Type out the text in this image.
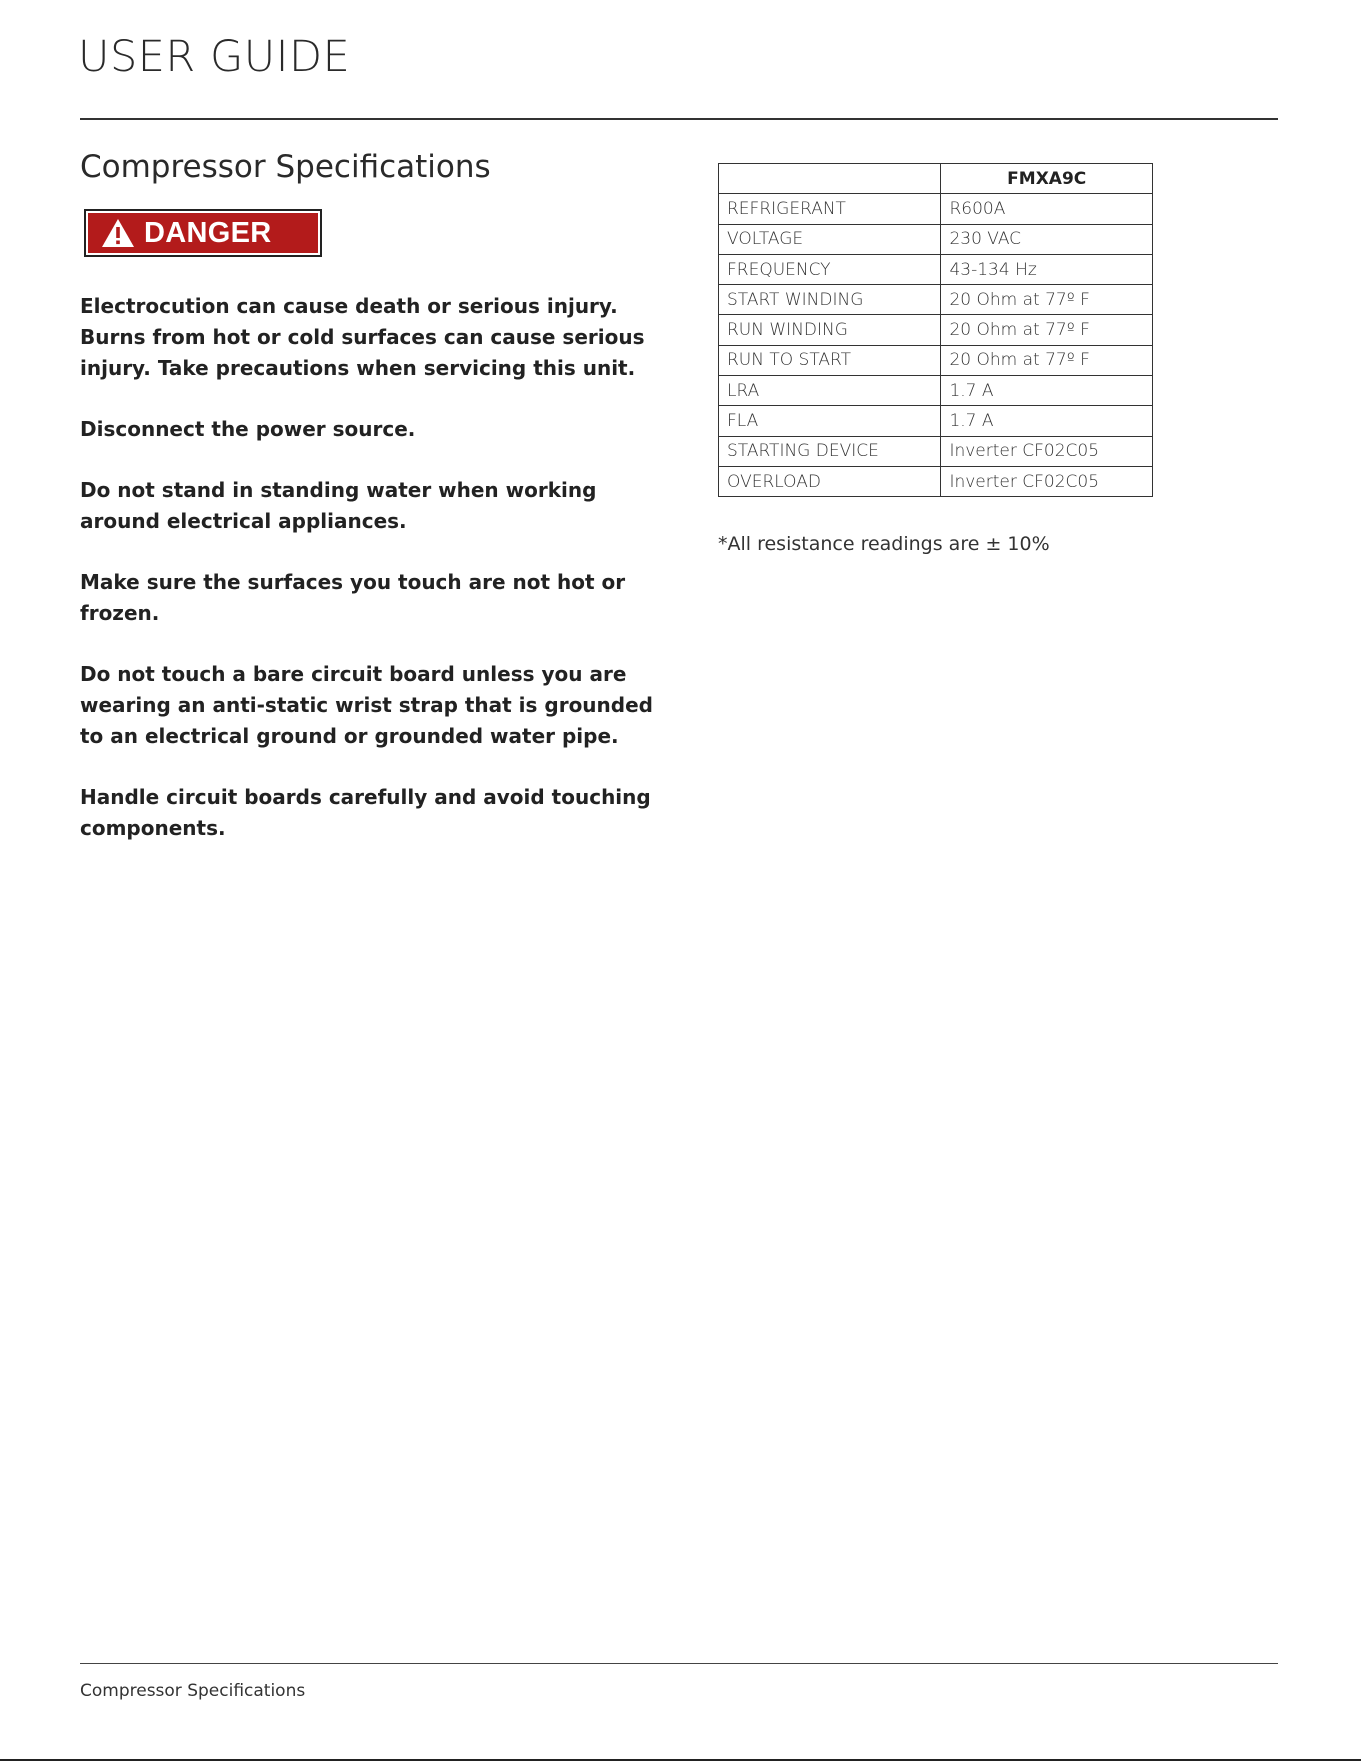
USER GUIDE
Compressor Specifications
DANGER

Electrocution can cause death or serious injury. Burns from hot or cold surfaces can cause serious injury. Take precautions when servicing this unit.

Disconnect the power source.

Do not stand in standing water when working around electrical appliances.

Make sure the surfaces you touch are not hot or frozen.

Do not touch a bare circuit board unless you are wearing an anti-static wrist strap that is grounded to an electrical ground or grounded water pipe.

Handle circuit boards carefully and avoid touching components.

	FMXA9C
REFRIGERANT	R600A
VOLTAGE	230 VAC
FREQUENCY	43-134 Hz
START WINDING	20 Ohm at 77º F
RUN WINDING	20 Ohm at 77º F
RUN TO START	20 Ohm at 77º F
LRA	1.7 A
FLA	1.7 A
STARTING DEVICE	Inverter CF02C05
OVERLOAD	Inverter CF02C05
*All resistance readings are ± 10%
Compressor Specifications
